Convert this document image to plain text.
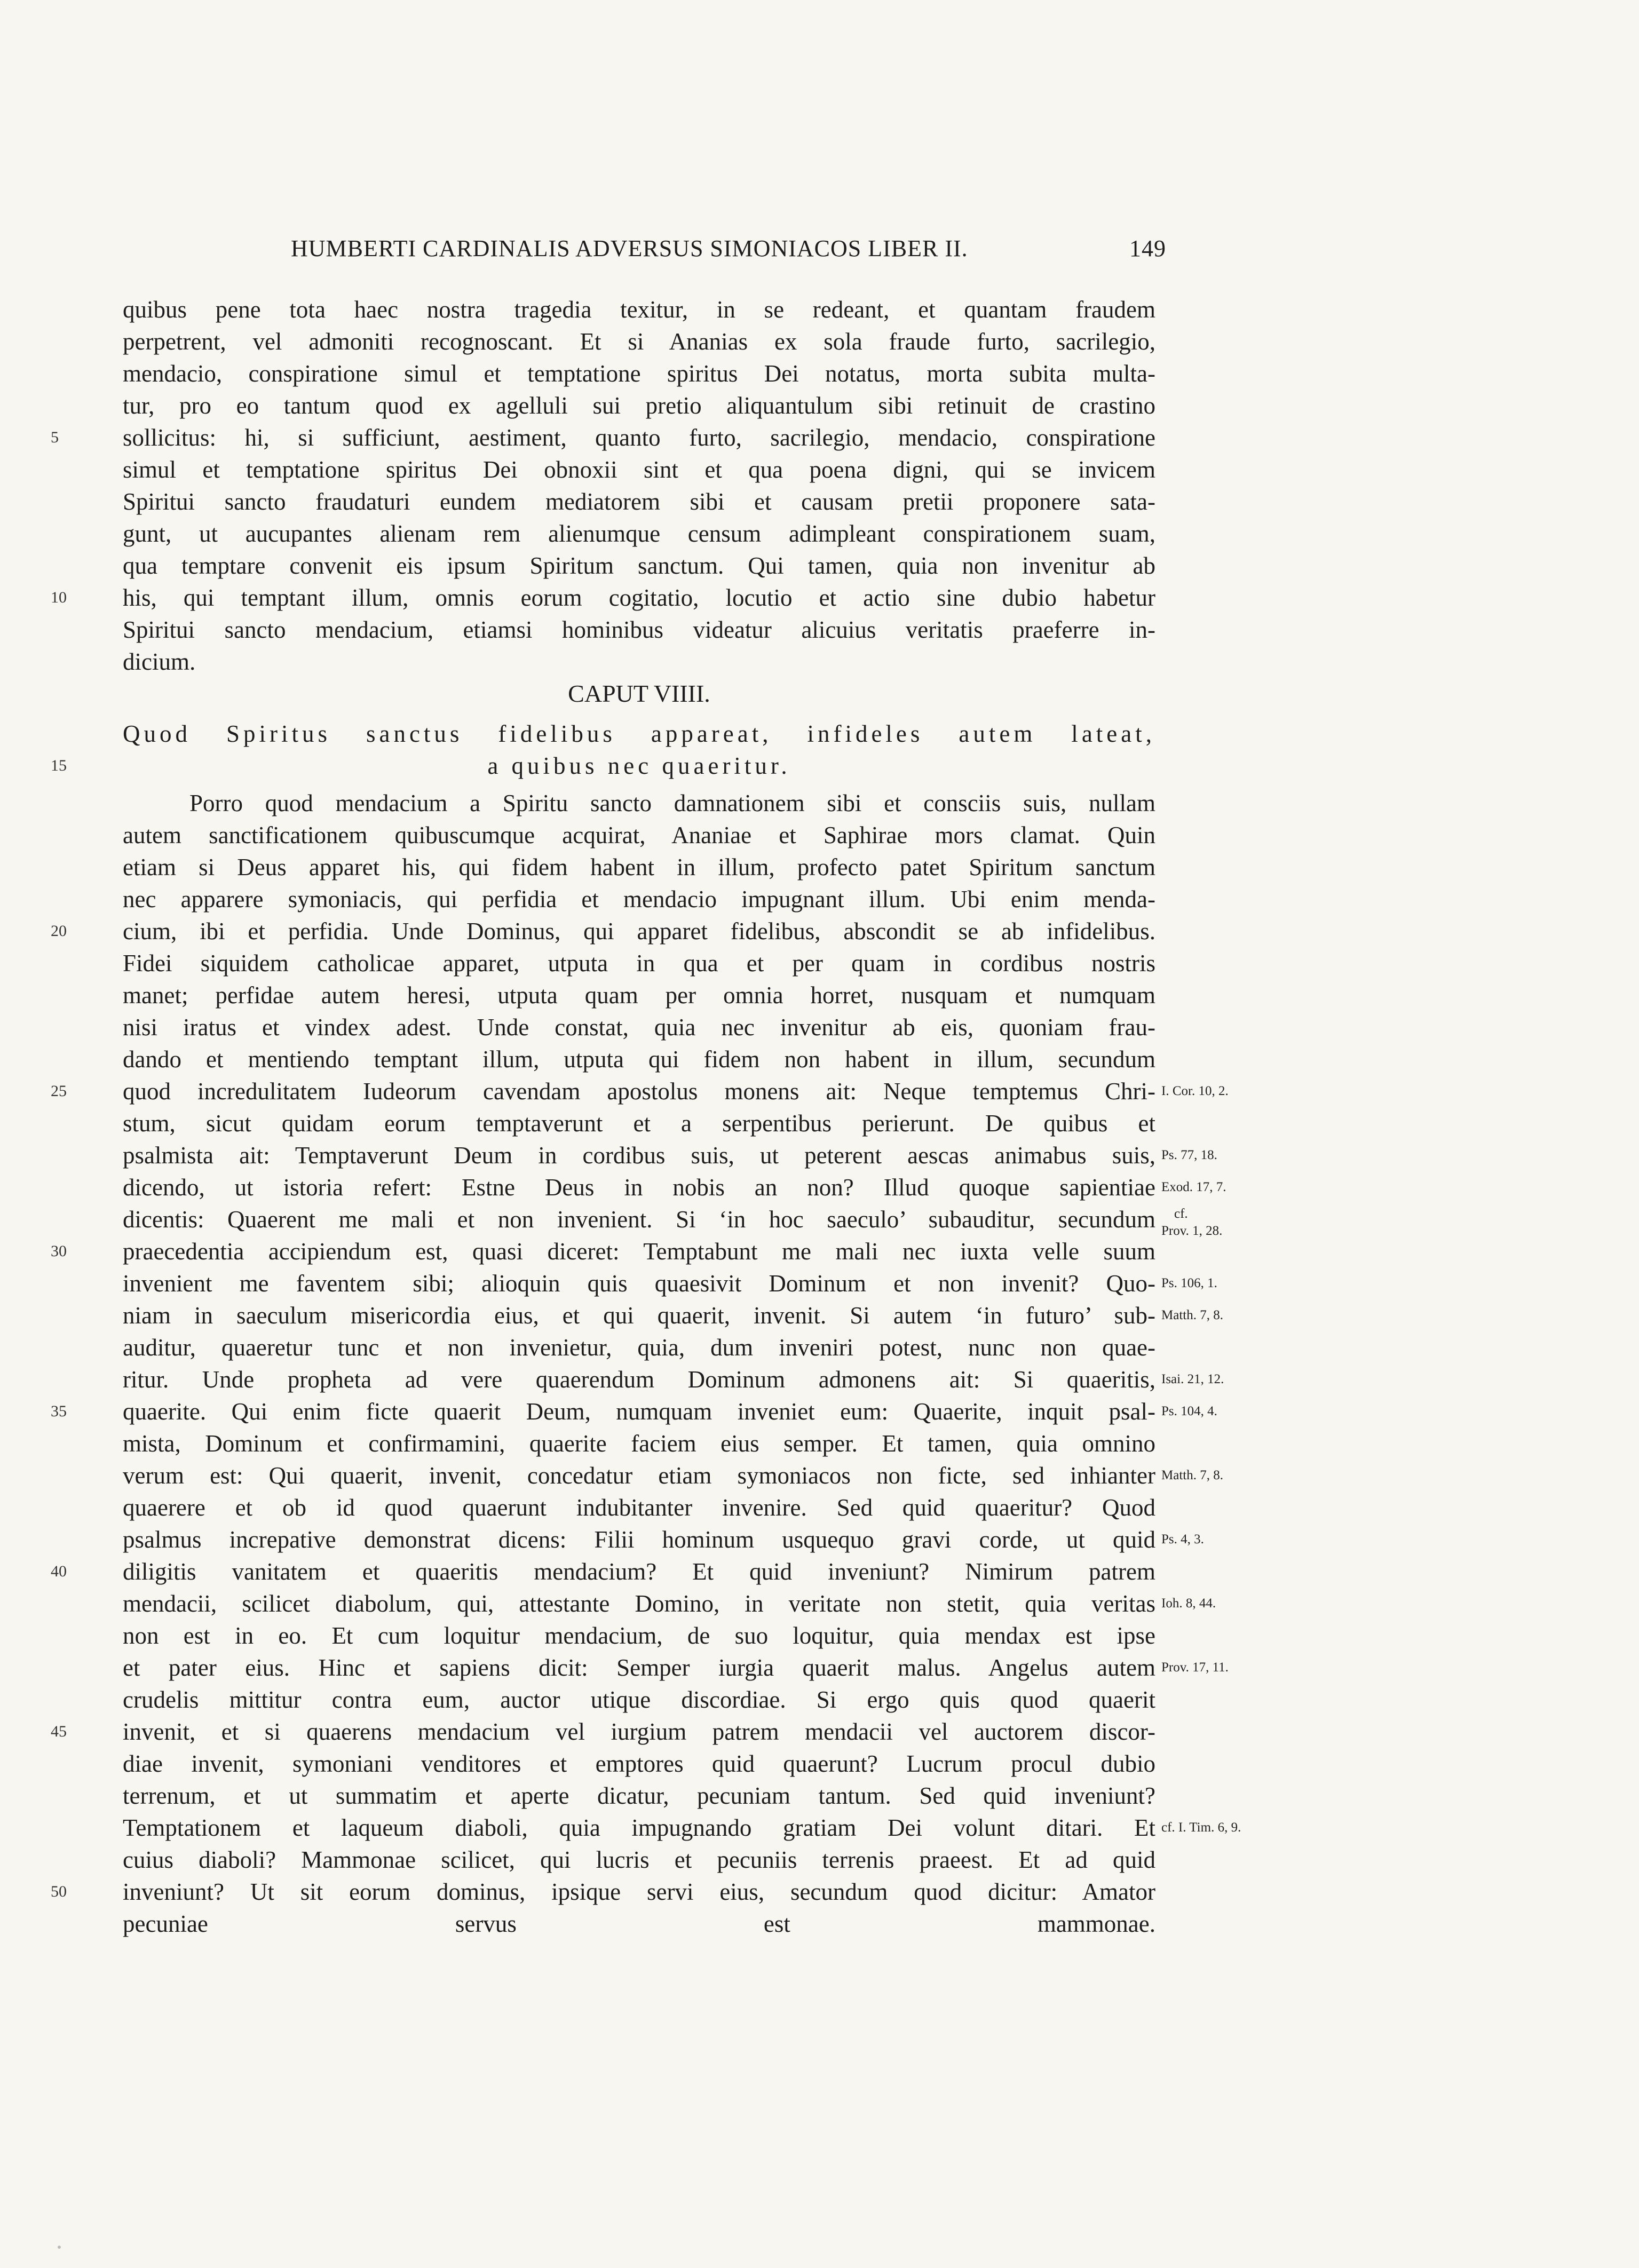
HUMBERTI CARDINALIS ADVERSUS SIMONIACOS LIBER II.	149
quibus pene tota haec nostra tragedia texitur, in se redeant, et quantam fraudem
perpetrent, vel admoniti recognoscant. Et si Ananias ex sola fraude furto, sacrilegio,
mendacio, conspiratione simul et temptatione spiritus Dei notatus, morta subita multa-
tur, pro eo tantum quod ex agelluli sui pretio aliquantulum sibi retinuit de crastino
sollicitus: hi, si sufficiunt, aestiment, quanto furto, sacrilegio, mendacio, conspiratione
simul et temptatione spiritus Dei obnoxii sint et qua poena digni, qui se invicem
Spiritui sancto fraudaturi eundem mediatorem sibi et causam pretii proponere sata-
gunt, ut aucupantes alienam rem alienumque censum adimpleant conspirationem suam,
qua temptare convenit eis ipsum Spiritum sanctum. Qui tamen, quia non invenitur ab
his, qui temptant illum, omnis eorum cogitatio, locutio et actio sine dubio habetur
Spiritui sancto mendacium, etiamsi hominibus videatur alicuius veritatis praeferre in-
dicium.
CAPUT VIIII.
Quod Spiritus sanctus fidelibus appareat, infideles autem lateat,
a quibus nec quaeritur.
Porro quod mendacium a Spiritu sancto damnationem sibi et consciis suis, nullam
autem sanctificationem quibuscumque acquirat, Ananiae et Saphirae mors clamat. Quin
etiam si Deus apparet his, qui fidem habent in illum, profecto patet Spiritum sanctum
nec apparere symoniacis, qui perfidia et mendacio impugnant illum. Ubi enim menda-
cium, ibi et perfidia. Unde Dominus, qui apparet fidelibus, abscondit se ab infidelibus.
Fidei siquidem catholicae apparet, utputa in qua et per quam in cordibus nostris
manet; perfidae autem heresi, utputa quam per omnia horret, nusquam et numquam
nisi iratus et vindex adest. Unde constat, quia nec invenitur ab eis, quoniam frau-
dando et mentiendo temptant illum, utputa qui fidem non habent in illum, secundum
quod incredulitatem Iudeorum cavendam apostolus monens ait: Neque temptemus Chri-
stum, sicut quidam eorum temptaverunt et a serpentibus perierunt. De quibus et
psalmista ait: Temptaverunt Deum in cordibus suis, ut peterent aescas animabus suis,
dicendo, ut istoria refert: Estne Deus in nobis an non? Illud quoque sapientiae
dicentis: Quaerent me mali et non invenient. Si ‘in hoc saeculo’ subauditur, secundum
praecedentia accipiendum est, quasi diceret: Temptabunt me mali nec iuxta velle suum
invenient me faventem sibi; alioquin quis quaesivit Dominum et non invenit? Quo-
niam in saeculum misericordia eius, et qui quaerit, invenit. Si autem ‘in futuro’ sub-
auditur, quaeretur tunc et non invenietur, quia, dum inveniri potest, nunc non quae-
ritur. Unde propheta ad vere quaerendum Dominum admonens ait: Si quaeritis,
quaerite. Qui enim ficte quaerit Deum, numquam inveniet eum: Quaerite, inquit psal-
mista, Dominum et confirmamini, quaerite faciem eius semper. Et tamen, quia omnino
verum est: Qui quaerit, invenit, concedatur etiam symoniacos non ficte, sed inhianter
quaerere et ob id quod quaerunt indubitanter invenire. Sed quid quaeritur? Quod
psalmus increpative demonstrat dicens: Filii hominum usquequo gravi corde, ut quid
diligitis vanitatem et quaeritis mendacium? Et quid inveniunt? Nimirum patrem
mendacii, scilicet diabolum, qui, attestante Domino, in veritate non stetit, quia veritas
non est in eo. Et cum loquitur mendacium, de suo loquitur, quia mendax est ipse
et pater eius. Hinc et sapiens dicit: Semper iurgia quaerit malus. Angelus autem
crudelis mittitur contra eum, auctor utique discordiae. Si ergo quis quod quaerit
invenit, et si quaerens mendacium vel iurgium patrem mendacii vel auctorem discor-
diae invenit, symoniani venditores et emptores quid quaerunt? Lucrum procul dubio
terrenum, et ut summatim et aperte dicatur, pecuniam tantum. Sed quid inveniunt?
Temptationem et laqueum diaboli, quia impugnando gratiam Dei volunt ditari. Et
cuius diaboli? Mammonae scilicet, qui lucris et pecuniis terrenis praeest. Et ad quid
inveniunt? Ut sit eorum dominus, ipsique servi eius, secundum quod dicitur: Amator
pecuniae servus est mammonae.
5
10
15
20
25
30
35
40
45
50
I. Cor. 10, 2.
Ps. 77, 18.
Exod. 17, 7.
cf.
Prov. 1, 28.
Ps. 106, 1.
Matth. 7, 8.
Isai. 21, 12.
Ps. 104, 4.
Matth. 7, 8.
Ps. 4, 3.
Ioh. 8, 44.
Prov. 17, 11.
cf. I. Tim. 6, 9.
